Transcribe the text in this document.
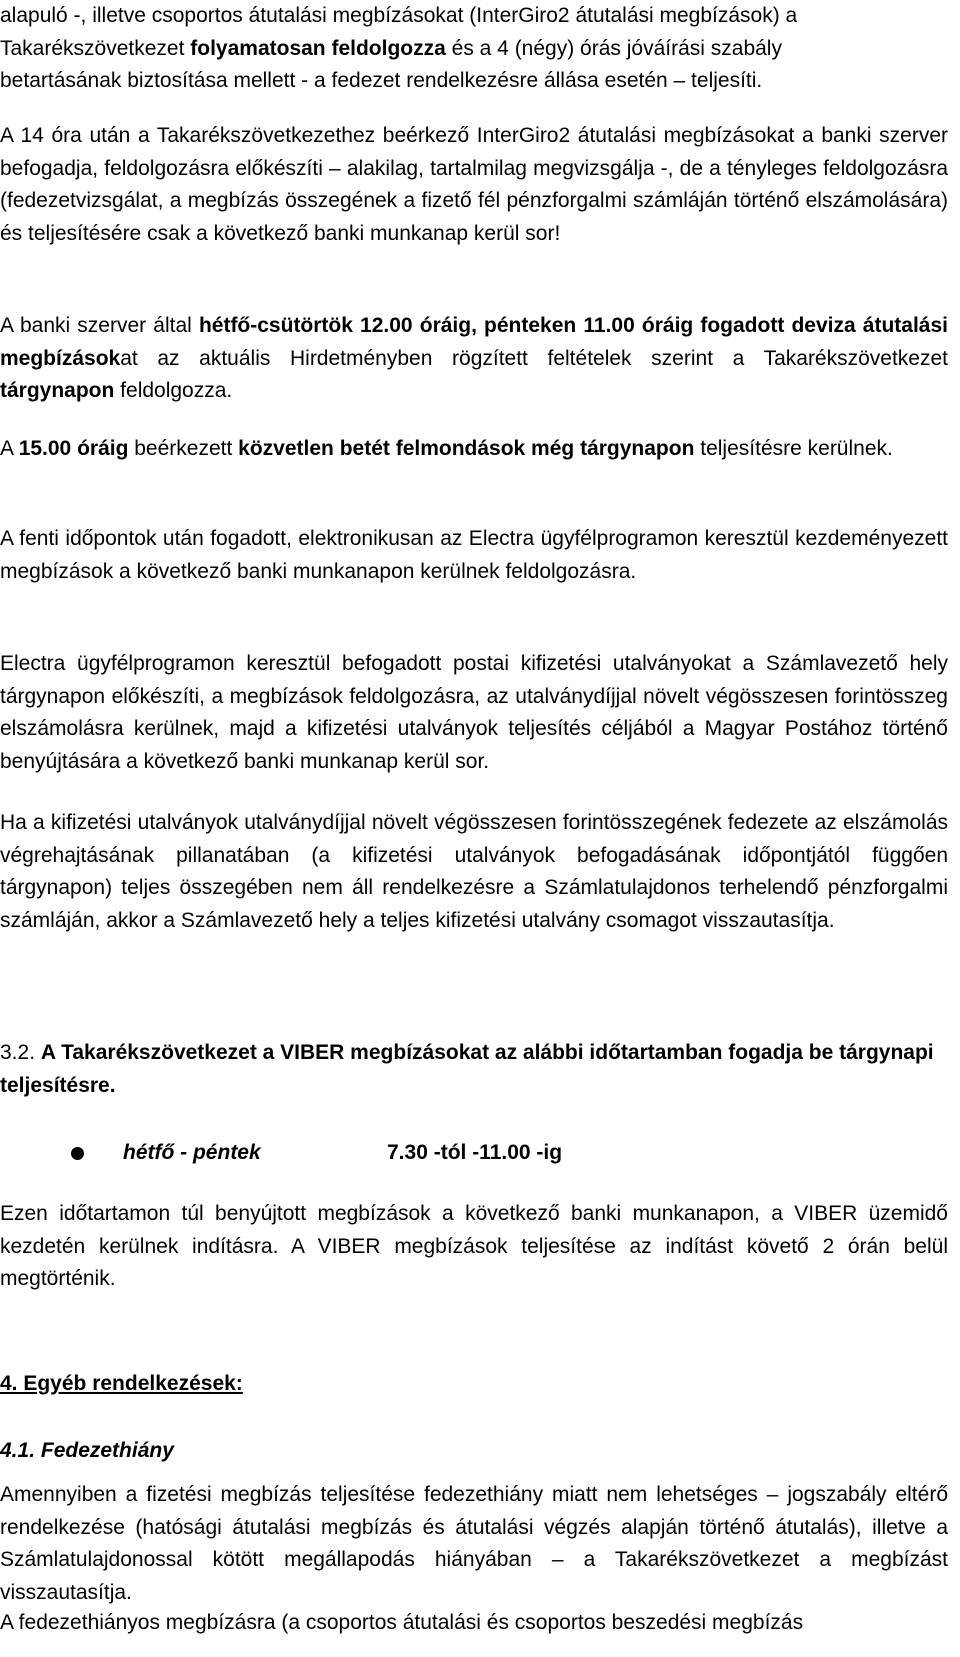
alapuló -, illetve csoportos átutalási megbízásokat (InterGiro2 átutalási megbízások) a
Takarékszövetkezet folyamatosan feldolgozza és a 4 (négy) órás jóváírási szabály
betartásának biztosítása mellett - a fedezet rendelkezésre állása esetén – teljesíti.

A 14 óra után a Takarékszövetkezethez beérkező InterGiro2 átutalási megbízásokat a banki szerver befogadja, feldolgozásra előkészíti – alakilag, tartalmilag megvizsgálja -, de a tényleges feldolgozásra (fedezetvizsgálat, a megbízás összegének a fizető fél pénzforgalmi számláján történő elszámolására) és teljesítésére csak a következő banki munkanap kerül sor!

A banki szerver által hétfő-csütörtök 12.00 óráig, pénteken 11.00 óráig fogadott deviza átutalási megbízásokat az aktuális Hirdetményben rögzített feltételek szerint a Takarékszövetkezet tárgynapon feldolgozza.

A 15.00 óráig beérkezett közvetlen betét felmondások még tárgynapon teljesítésre kerülnek.

A fenti időpontok után fogadott, elektronikusan az Electra ügyfélprogramon keresztül kezdeményezett megbízások a következő banki munkanapon kerülnek feldolgozásra.

Electra ügyfélprogramon keresztül befogadott postai kifizetési utalványokat a Számlavezető hely tárgynapon előkészíti, a megbízások feldolgozásra, az utalványdíjjal növelt végösszesen forintösszeg elszámolásra kerülnek, majd a kifizetési utalványok teljesítés céljából a Magyar Postához történő benyújtására a következő banki munkanap kerül sor.

Ha a kifizetési utalványok utalványdíjjal növelt végösszesen forintösszegének fedezete az elszámolás végrehajtásának pillanatában (a kifizetési utalványok befogadásának időpontjától függően tárgynapon) teljes összegében nem áll rendelkezésre a Számlatulajdonos terhelendő pénzforgalmi számláján, akkor a Számlavezető hely a teljes kifizetési utalvány csomagot visszautasítja.

3.2. A Takarékszövetkezet a VIBER megbízásokat az alábbi időtartamban fogadja be tárgynapi teljesítésre.

hétfő - péntek	7.30 -tól -11.00 -ig

Ezen időtartamon túl benyújtott megbízások a következő banki munkanapon, a VIBER üzemidő kezdetén kerülnek indításra. A VIBER megbízások teljesítése az indítást követő 2 órán belül megtörténik.

4. Egyéb rendelkezések:

4.1. Fedezethiány

Amennyiben a fizetési megbízás teljesítése fedezethiány miatt nem lehetséges – jogszabály eltérő rendelkezése (hatósági átutalási megbízás és átutalási végzés alapján történő átutalás), illetve a Számlatulajdonossal kötött megállapodás hiányában – a Takarékszövetkezet a megbízást visszautasítja.

A fedezethiányos megbízásra (a csoportos átutalási és csoportos beszedési megbízás
